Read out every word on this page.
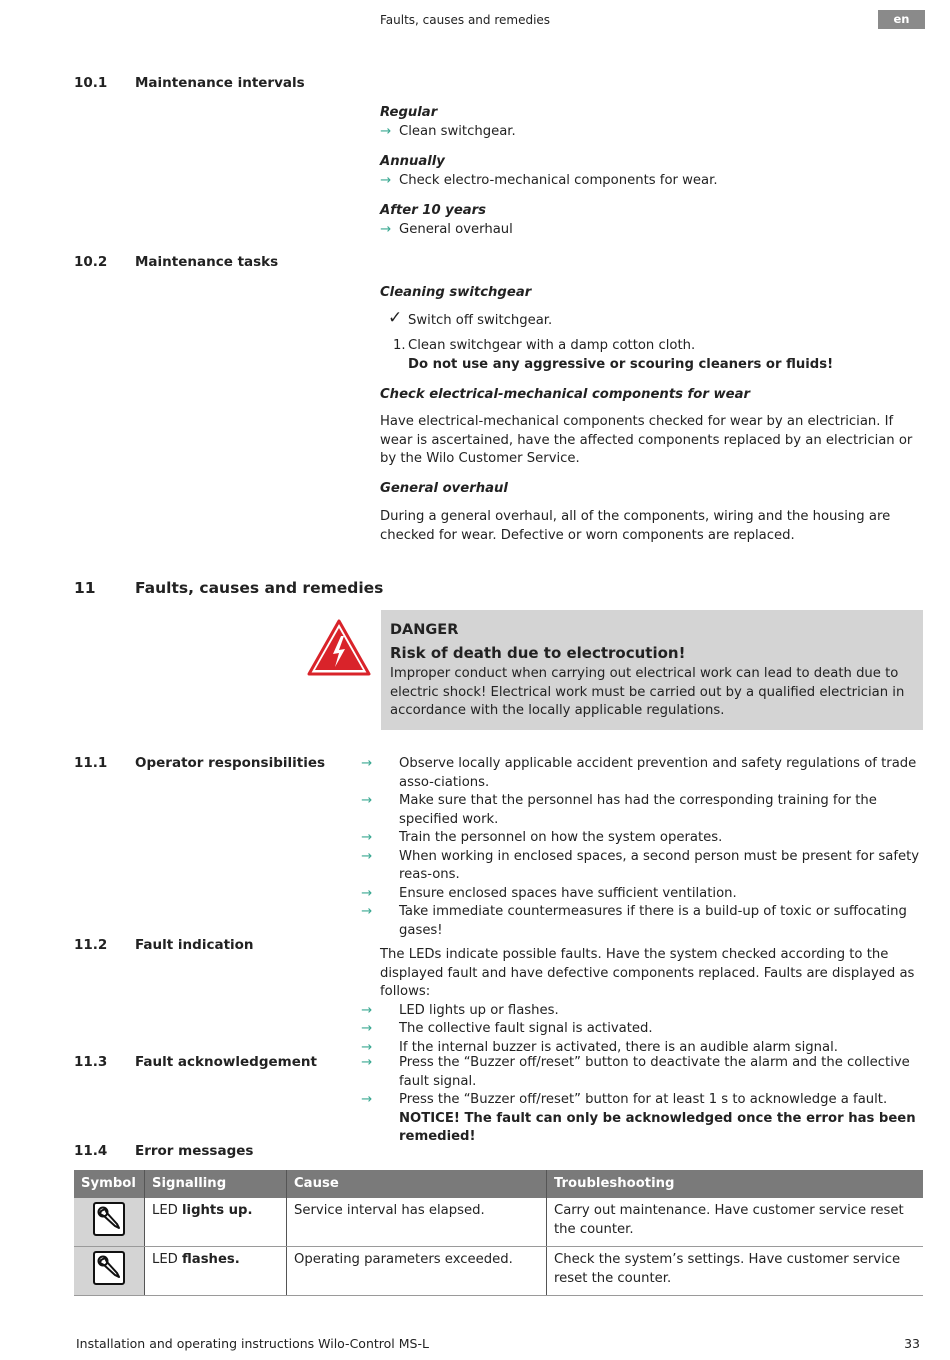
Faults, causes and remedies	en
10.1 Maintenance intervals
Regular
→ Clean switchgear.
Annually
→ Check electro-mechanical components for wear.
After 10 years
→ General overhaul
10.2 Maintenance tasks
Cleaning switchgear
✓ Switch off switchgear.
1. Clean switchgear with a damp cotton cloth.
Do not use any aggressive or scouring cleaners or fluids!
Check electrical-mechanical components for wear
Have electrical-mechanical components checked for wear by an electrician. If wear is ascertained, have the affected components replaced by an electrician or by the Wilo Customer Service.
General overhaul
During a general overhaul, all of the components, wiring and the housing are checked for wear. Defective or worn components are replaced.
11	Faults, causes and remedies
DANGER
Risk of death due to electrocution!
Improper conduct when carrying out electrical work can lead to death due to electric shock! Electrical work must be carried out by a qualified electrician in accordance with the locally applicable regulations.
11.1 Operator responsibilities	→ Observe locally applicable accident prevention and safety regulations of trade asso-ciations.
→ Make sure that the personnel has had the corresponding training for the specified work.
→ Train the personnel on how the system operates.
→ When working in enclosed spaces, a second person must be present for safety reas-ons.
→ Ensure enclosed spaces have sufficient ventilation.
→ Take immediate countermeasures if there is a build-up of toxic or suffocating gases!
11.2 Fault indication
The LEDs indicate possible faults. Have the system checked according to the displayed fault and have defective components replaced. Faults are displayed as follows:
→ LED lights up or flashes.
→ The collective fault signal is activated.
→ If the internal buzzer is activated, there is an audible alarm signal.
11.3 Fault acknowledgement	→ Press the “Buzzer off/reset” button to deactivate the alarm and the collective fault signal.
→ Press the “Buzzer off/reset” button for at least 1 s to acknowledge a fault.
NOTICE! The fault can only be acknowledged once the error has been remedied!
11.4 Error messages
Symbol	Signalling	Cause	Troubleshooting
	LED lights up.	Service interval has elapsed.	Carry out maintenance. Have customer service reset the counter.
	LED flashes.	Operating parameters exceeded.	Check the system’s settings. Have customer service reset the counter.
Installation and operating instructions Wilo-Control MS-L	33
